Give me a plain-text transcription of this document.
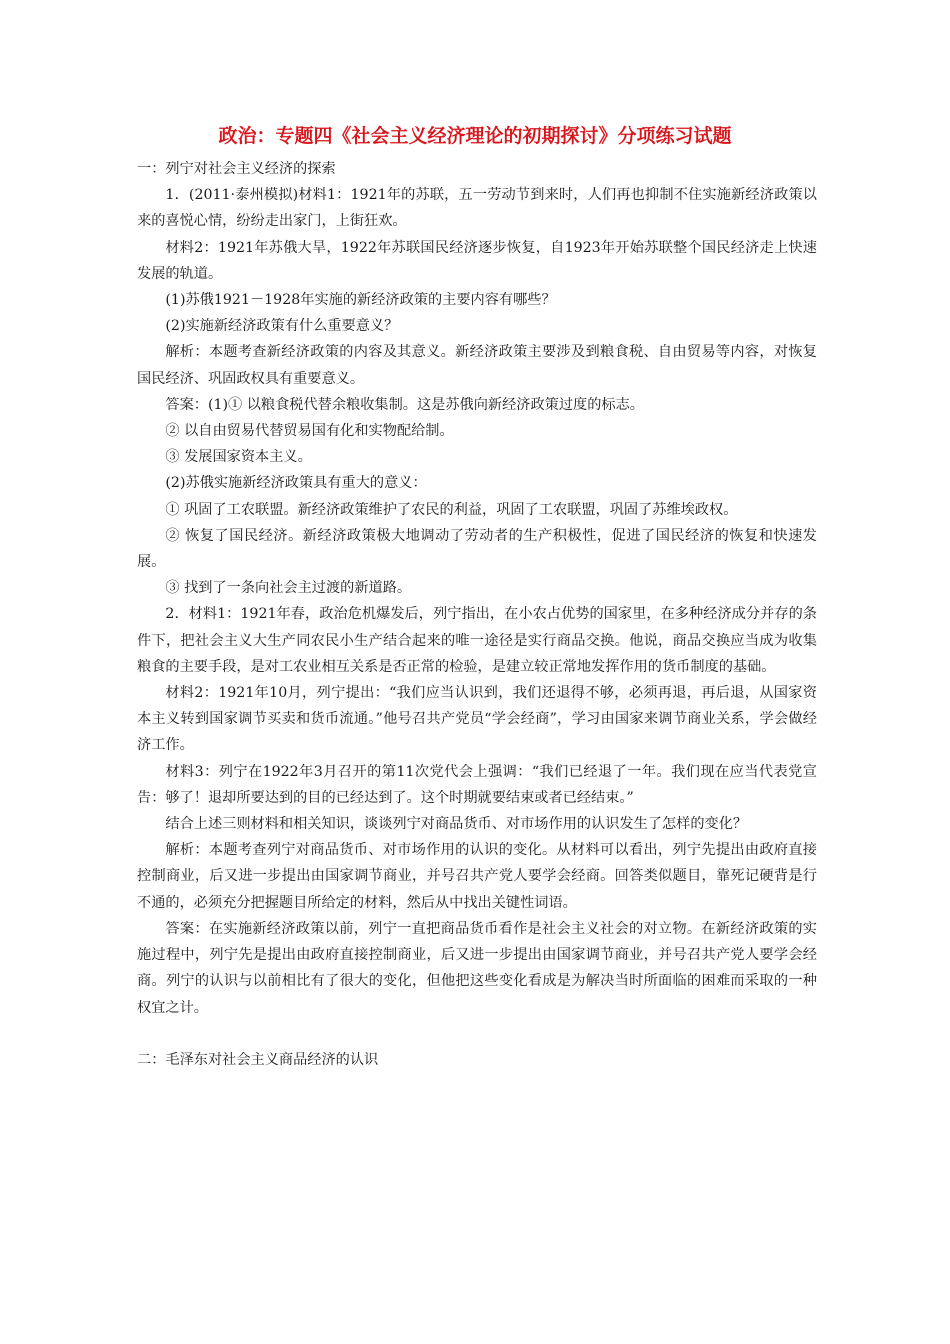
政治：专题四《社会主义经济理论的初期探讨》分项练习试题

一：列宁对社会主义经济的探索

1．(2011·泰州模拟)材料1：1921年的苏联，五一劳动节到来时，人们再也抑制不住实施新经济政策以来的喜悦心情，纷纷走出家门，上街狂欢。

材料2：1921年苏俄大旱，1922年苏联国民经济逐步恢复，自1923年开始苏联整个国民经济走上快速发展的轨道。

(1)苏俄1921－1928年实施的新经济政策的主要内容有哪些？

(2)实施新经济政策有什么重要意义？

解析：本题考查新经济政策的内容及其意义。新经济政策主要涉及到粮食税、自由贸易等内容，对恢复国民经济、巩固政权具有重要意义。

答案：(1)① 以粮食税代替余粮收集制。这是苏俄向新经济政策过度的标志。

② 以自由贸易代替贸易国有化和实物配给制。

③ 发展国家资本主义。

(2)苏俄实施新经济政策具有重大的意义：

① 巩固了工农联盟。新经济政策维护了农民的利益，巩固了工农联盟，巩固了苏维埃政权。

② 恢复了国民经济。新经济政策极大地调动了劳动者的生产积极性，促进了国民经济的恢复和快速发展。

③ 找到了一条向社会主过渡的新道路。

2．材料1：1921年春，政治危机爆发后，列宁指出，在小农占优势的国家里，在多种经济成分并存的条件下，把社会主义大生产同农民小生产结合起来的唯一途径是实行商品交换。他说，商品交换应当成为收集粮食的主要手段，是对工农业相互关系是否正常的检验，是建立较正常地发挥作用的货币制度的基础。

材料2：1921年10月，列宁提出：“我们应当认识到，我们还退得不够，必须再退，再后退，从国家资本主义转到国家调节买卖和货币流通。”他号召共产党员“学会经商”，学习由国家来调节商业关系，学会做经济工作。

材料3：列宁在1922年3月召开的第11次党代会上强调：“我们已经退了一年。我们现在应当代表党宣告：够了！退却所要达到的目的已经达到了。这个时期就要结束或者已经结束。”

结合上述三则材料和相关知识，谈谈列宁对商品货币、对市场作用的认识发生了怎样的变化？

解析：本题考查列宁对商品货币、对市场作用的认识的变化。从材料可以看出，列宁先提出由政府直接控制商业，后又进一步提出由国家调节商业，并号召共产党人要学会经商。回答类似题目，靠死记硬背是行不通的，必须充分把握题目所给定的材料，然后从中找出关键性词语。

答案：在实施新经济政策以前，列宁一直把商品货币看作是社会主义社会的对立物。在新经济政策的实施过程中，列宁先是提出由政府直接控制商业，后又进一步提出由国家调节商业，并号召共产党人要学会经商。列宁的认识与以前相比有了很大的变化，但他把这些变化看成是为解决当时所面临的困难而采取的一种权宜之计。

二：毛泽东对社会主义商品经济的认识
